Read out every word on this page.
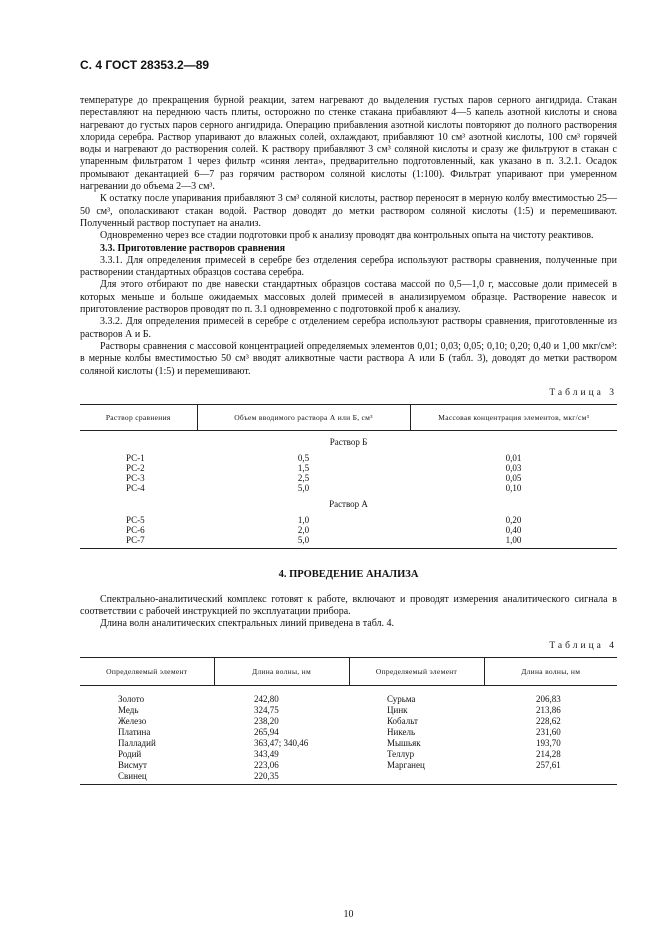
С. 4 ГОСТ 28353.2—89

температуре до прекращения бурной реакции, затем нагревают до выделения густых паров серного ангидрида. Стакан переставляют на переднюю часть плиты, осторожно по стенке стакана прибавляют 4—5 капель азотной кислоты и снова нагревают до густых паров серного ангидрида. Операцию прибавления азотной кислоты повторяют до полного растворения хлорида серебра. Раствор упаривают до влажных солей, охлаждают, прибавляют 10 см³ азотной кислоты, 100 см³ горячей воды и нагревают до растворения солей. К раствору прибавляют 3 см³ соляной кислоты и сразу же фильтруют в стакан с упаренным фильтратом 1 через фильтр «синяя лента», предварительно подготовленный, как указано в п. 3.2.1. Осадок промывают декантацией 6—7 раз горячим раствором соляной кислоты (1:100). Фильтрат упаривают при умеренном нагревании до объема 2—3 см³.

К остатку после упаривания прибавляют 3 см³ соляной кислоты, раствор переносят в мерную колбу вместимостью 25—50 см³, ополаскивают стакан водой. Раствор доводят до метки раствором соляной кислоты (1:5) и перемешивают. Полученный раствор поступает на анализ.

Одновременно через все стадии подготовки проб к анализу проводят два контрольных опыта на чистоту реактивов.

3.3. Приготовление растворов сравнения

3.3.1. Для определения примесей в серебре без отделения серебра используют растворы сравнения, полученные при растворении стандартных образцов состава серебра.

Для этого отбирают по две навески стандартных образцов состава массой по 0,5—1,0 г, массовые доли примесей в которых меньше и больше ожидаемых массовых долей примесей в анализируемом образце. Растворение навесок и приготовление растворов проводят по п. 3.1 одновременно с подготовкой проб к анализу.

3.3.2. Для определения примесей в серебре с отделением серебра используют растворы сравнения, приготовленные из растворов А и Б.

Растворы сравнения с массовой концентрацией определяемых элементов 0,01; 0,03; 0,05; 0,10; 0,20; 0,40 и 1,00 мкг/см³: в мерные колбы вместимостью 50 см³ вводят аликвотные части раствора А или Б (табл. 3), доводят до метки раствором соляной кислоты (1:5) и перемешивают.

Таблица 3
Раствор сравнения	Объем вводимого раствора А или Б, см³	Массовая концентрация элементов, мкг/см³
Раствор Б		
РС-1	0,5	0,01
РС-2	1,5	0,03
РС-3	2,5	0,05
РС-4	5,0	0,10
Раствор А		
РС-5	1,0	0,20
РС-6	2,0	0,40
РС-7	5,0	1,00
4. ПРОВЕДЕНИЕ АНАЛИЗА

Спектрально-аналитический комплекс готовят к работе, включают и проводят измерения аналитического сигнала в соответствии с рабочей инструкцией по эксплуатации прибора.

Длина волн аналитических спектральных линий приведена в табл. 4.

Таблица 4
Определяемый элемент	Длина волны, нм	Определяемый элемент	Длина волны, нм
Золото	242,80	Сурьма	206,83
Медь	324,75	Цинк	213,86
Железо	238,20	Кобальт	228,62
Платина	265,94	Никель	231,60
Палладий	363,47; 340,46	Мышьяк	193,70
Родий	343,49	Теллур	214,28
Висмут	223,06	Марганец	257,61
Свинец	220,35		
10
